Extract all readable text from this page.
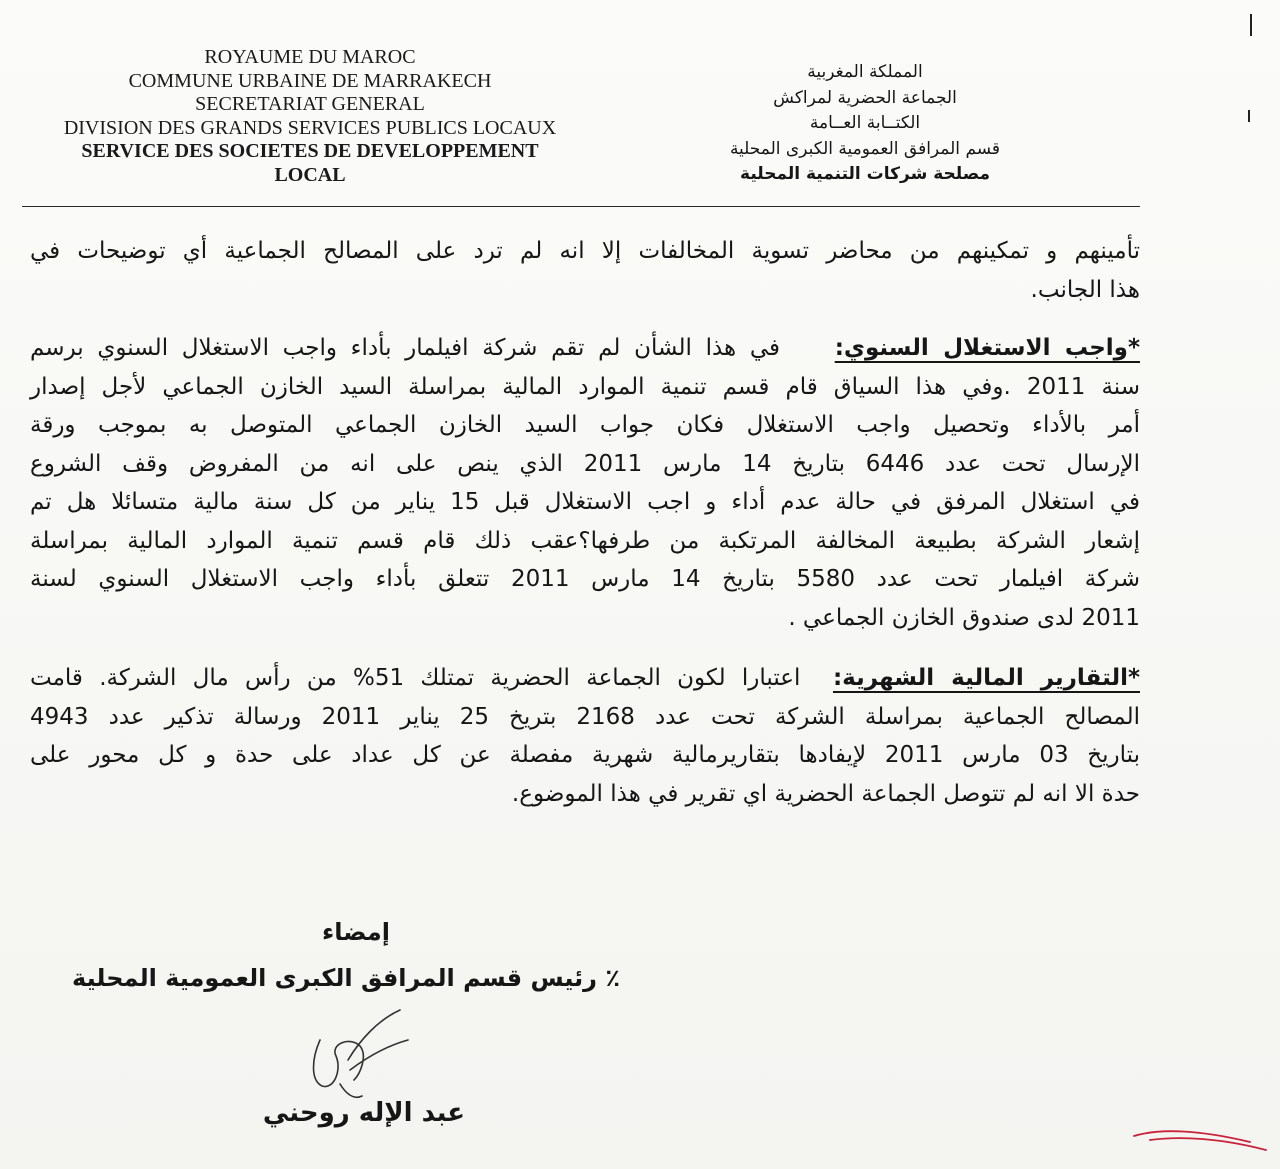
ROYAUME DU MAROC
COMMUNE URBAINE DE MARRAKECH
SECRETARIAT GENERAL
DIVISION DES GRANDS SERVICES PUBLICS LOCAUX
SERVICE DES SOCIETES DE DEVELOPPEMENT
LOCAL
المملكة المغربية
الجماعة الحضرية لمراكش
الكتــابة العــامة
قسم المرافق العمومية الكبرى المحلية
مصلحة شركات التنمية المحلية

تأمينهم و تمكينهم من محاضر تسوية المخالفات إلا انه لم ترد على المصالح الجماعية أي توضيحات في
هذا الجانب.

*واجب الاستغلال السنوي:    في هذا الشأن لم تقم شركة افيلمار بأداء واجب الاستغلال السنوي برسم
سنة 2011 .وفي هذا السياق قام قسم تنمية الموارد المالية بمراسلة السيد الخازن الجماعي لأجل إصدار
أمر بالأداء وتحصيل واجب الاستغلال فكان جواب السيد الخازن الجماعي المتوصل به بموجب ورقة
الإرسال تحت عدد 6446 بتاريخ 14 مارس 2011 الذي ينص على انه من المفروض وقف الشروع
في استغلال المرفق في حالة عدم أداء و اجب الاستغلال قبل 15 يناير من كل سنة مالية متسائلا هل تم
إشعار الشركة بطبيعة المخالفة المرتكبة من طرفها؟عقب ذلك قام قسم تنمية الموارد المالية بمراسلة
شركة افيلمار تحت عدد 5580 بتاريخ 14 مارس 2011 تتعلق بأداء واجب الاستغلال السنوي لسنة
2011 لدى صندوق الخازن الجماعي .

*التقارير المالية الشهرية:  اعتبارا لكون الجماعة الحضرية تمتلك 51% من رأس مال الشركة. قامت
المصالح الجماعية بمراسلة الشركة تحت عدد 2168 بتريخ 25 يناير 2011 ورسالة تذكير عدد 4943
بتاريخ 03 مارس 2011 لإيفادها بتقاريرمالية شهرية مفصلة عن كل عداد على حدة و كل محور على
حدة الا انه لم تتوصل الجماعة الحضرية اي تقرير في هذا الموضوع.

إمضاء
٪ رئيس قسم المرافق الكبرى العمومية المحلية
عبد الإله روحني
